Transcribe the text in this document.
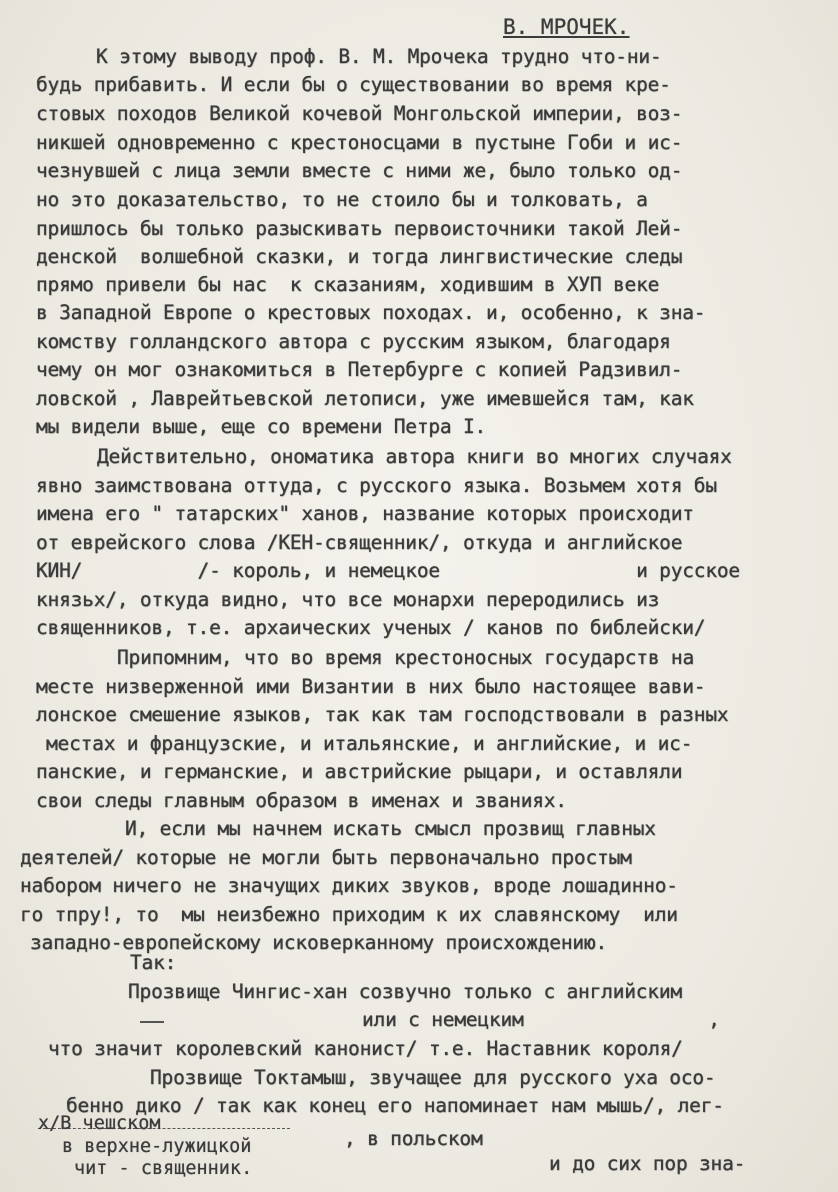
В. МРОЧЕК.
К этому выводу проф. В. М. Мрочека трудно что-ни-
будь прибавить. И если бы о существовании во время кре-
стовых походов Великой кочевой Монгольской империи, воз-
никшей одновременно с крестоносцами в пустыне Гоби и ис-
чезнувшей с лица земли вместе с ними же, было только од-
но это доказательство, то не стоило бы и толковать, а
пришлось бы только разыскивать первоисточники такой Лей-
денской  волшебной сказки, и тогда лингвистические следы
прямо привели бы нас  к сказаниям, ходившим в ХУП веке
в Западной Европе о крестовых походах. и, особенно, к зна-
комству голландского автора с русским языком, благодаря
чему он мог ознакомиться в Петербурге с копией Радзивил-
ловской , Лаврейтьевской летописи, уже имевшейся там, как
мы видели выше, еще со времени Петра I.
Действительно, ономатика автора книги во многих случаях
явно заимствована оттуда, с русского языка. Возьмем хотя бы
имена его " татарских" ханов, название которых происходит
от еврейского слова /КЕН-священник/, откуда и английское
КИН/          /- король, и немецкое                 и русское
князьx/, откуда видно, что все монархи переродились из
священников, т.е. архаических ученых / канов по библейски/
Припомним, что во время крестоносных государств на
месте низверженной ими Византии в них было настоящее вави-
лонское смешение языков, так как там господствовали в разных
местах и французские, и итальянские, и английские, и ис-
панские, и германские, и австрийские рыцари, и оставляли
свои следы главным образом в именах и званиях.
И, если мы начнем искать смысл прозвищ главных
деятелей/ которые не могли быть первоначально простым
набором ничего не значущих диких звуков, вроде лошадинно-
го тпру!, то  мы неизбежно приходим к их славянскому  или
западно-европейскому исковерканному происхождению.
Так:
Прозвище Чингис-хан созвучно только с английским
или с немецким                ,
что значит королевский канонист/ т.е. Наставник короля/
Прозвище Токтамыш, звучащее для русского уха осо-
бенно дико / так как конец его напоминает нам мышь/, лег-
x/В чешском
в верхне-лужицкой
чит - священник.
, в польском
и до сих пор зна-
